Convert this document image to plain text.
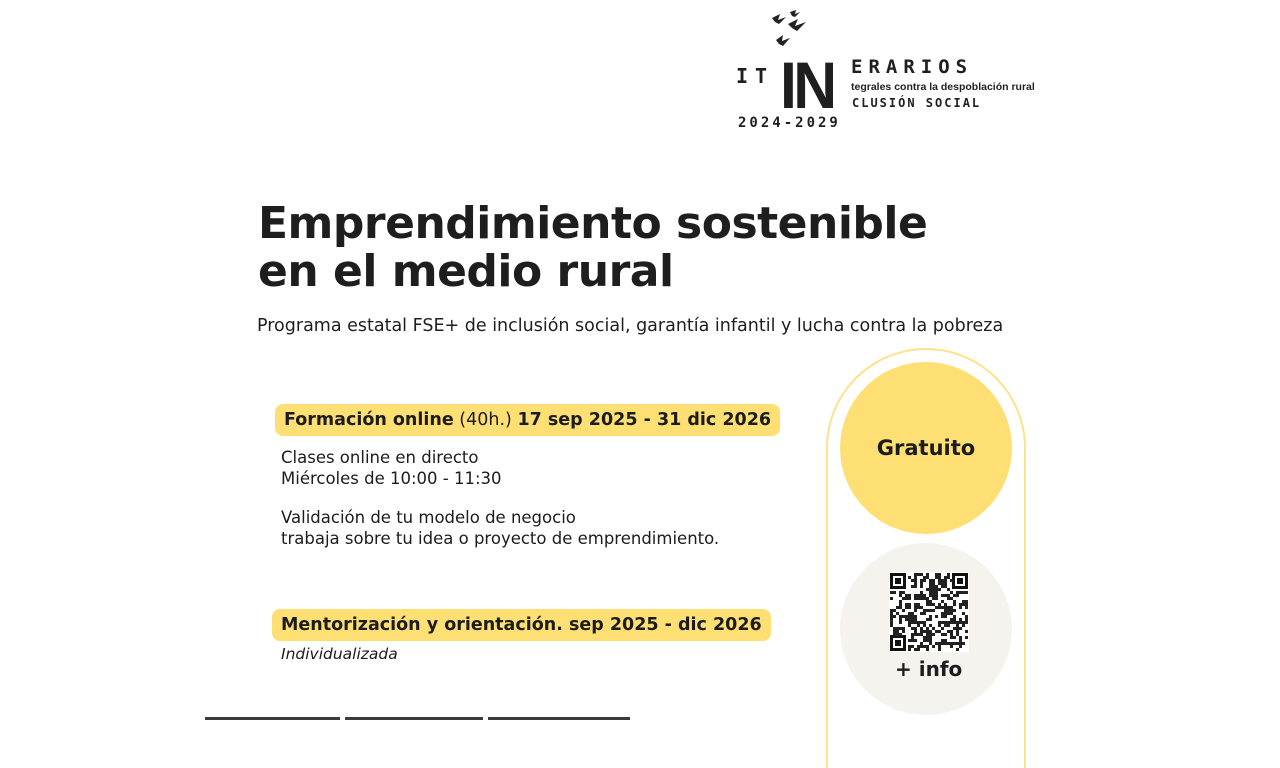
IT IN ERARIOS
tegrales contra la despoblación rural
CLUSIÓN SOCIAL
2024-2029
Emprendimiento sostenible
en el medio rural

Programa estatal FSE+ de inclusión social, garantía infantil y lucha contra la pobreza

Formación online (40h.) 17 sep 2025 - 31 dic 2026
Clases online en directo
Miércoles de 10:00 - 11:30
Validación de tu modelo de negocio
trabaja sobre tu idea o proyecto de emprendimiento.
Mentorización y orientación. sep 2025 - dic 2026
Individualizada
Gratuito
+ info
